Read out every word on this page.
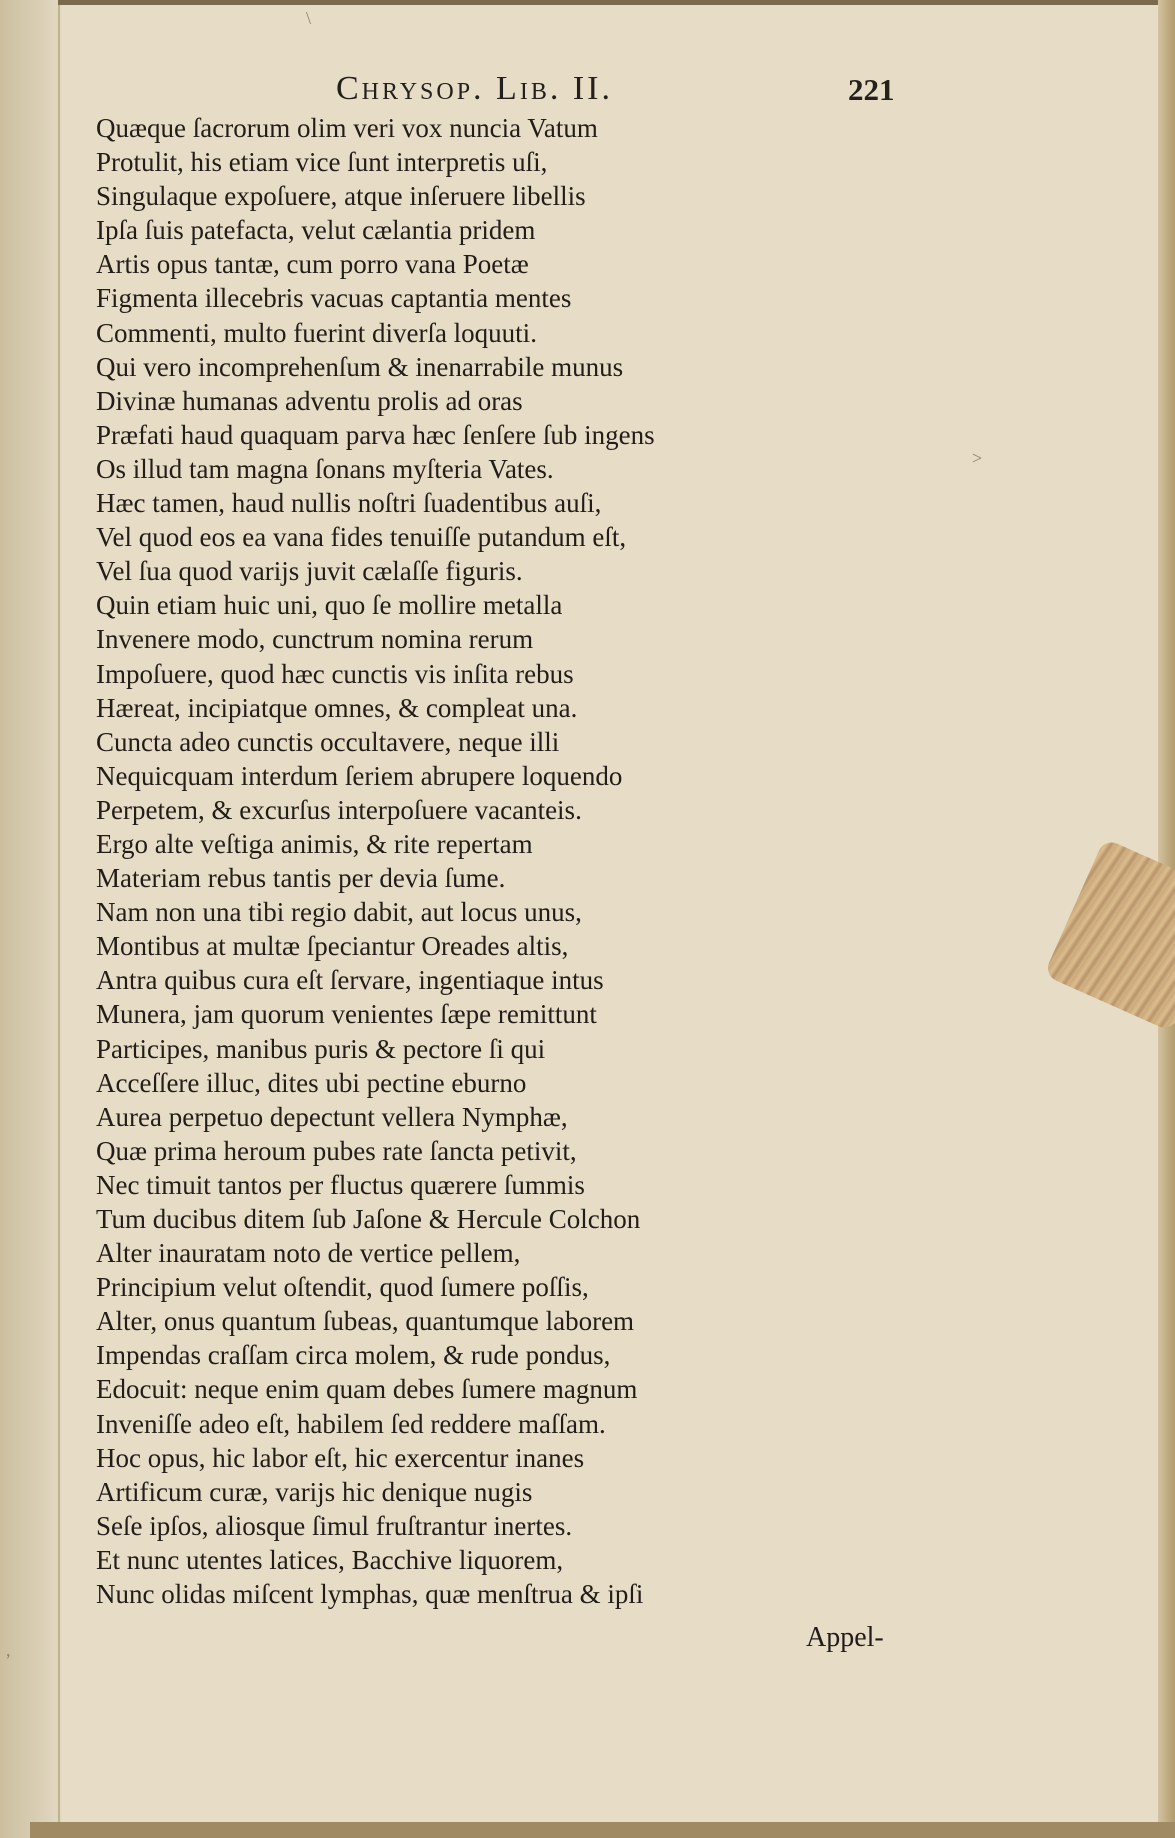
Chrysop. Lib. II.	221
Quæque ſacrorum olim veri vox nuncia Vatum
Protulit, his etiam vice ſunt interpretis uſi,
Singulaque expoſuere, atque inſeruere libellis
Ipſa ſuis patefacta, velut cælantia pridem
Artis opus tantæ, cum porro vana Poetæ
Figmenta illecebris vacuas captantia mentes
Commenti, multo fuerint diverſa loquuti.
Qui vero incomprehenſum & inenarrabile munus
Divinæ humanas adventu prolis ad oras
Præfati haud quaquam parva hæc ſenſere ſub ingens
Os illud tam magna ſonans myſteria Vates.
Hæc tamen, haud nullis noſtri ſuadentibus auſi,
Vel quod eos ea vana fides tenuiſſe putandum eſt,
Vel ſua quod varijs juvit cælaſſe figuris.
Quin etiam huic uni, quo ſe mollire metalla
Invenere modo, cunctrum nomina rerum
Impoſuere, quod hæc cunctis vis inſita rebus
Hæreat, incipiatque omnes, & compleat una.
Cuncta adeo cunctis occultavere, neque illi
Nequicquam interdum ſeriem abrupere loquendo
Perpetem, & excurſus interpoſuere vacanteis.
Ergo alte veſtiga animis, & rite repertam
Materiam rebus tantis per devia ſume.
Nam non una tibi regio dabit, aut locus unus,
Montibus at multæ ſpeciantur Oreades altis,
Antra quibus cura eſt ſervare, ingentiaque intus
Munera, jam quorum venientes ſæpe remittunt
Participes, manibus puris & pectore ſi qui
Acceſſere illuc, dites ubi pectine eburno
Aurea perpetuo depectunt vellera Nymphæ,
Quæ prima heroum pubes rate ſancta petivit,
Nec timuit tantos per fluctus quærere ſummis
Tum ducibus ditem ſub Jaſone & Hercule Colchon
Alter inauratam noto de vertice pellem,
Principium velut oſtendit, quod ſumere poſſis,
Alter, onus quantum ſubeas, quantumque laborem
Impendas craſſam circa molem, & rude pondus,
Edocuit: neque enim quam debes ſumere magnum
Inveniſſe adeo eſt, habilem ſed reddere maſſam.
Hoc opus, hic labor eſt, hic exercentur inanes
Artificum curæ, varijs hic denique nugis
Seſe ipſos, aliosque ſimul fruſtrantur inertes.
Et nunc utentes latices, Bacchive liquorem,
Nunc olidas miſcent lymphas, quæ menſtrua & ipſi
Appel-
\
>
,
